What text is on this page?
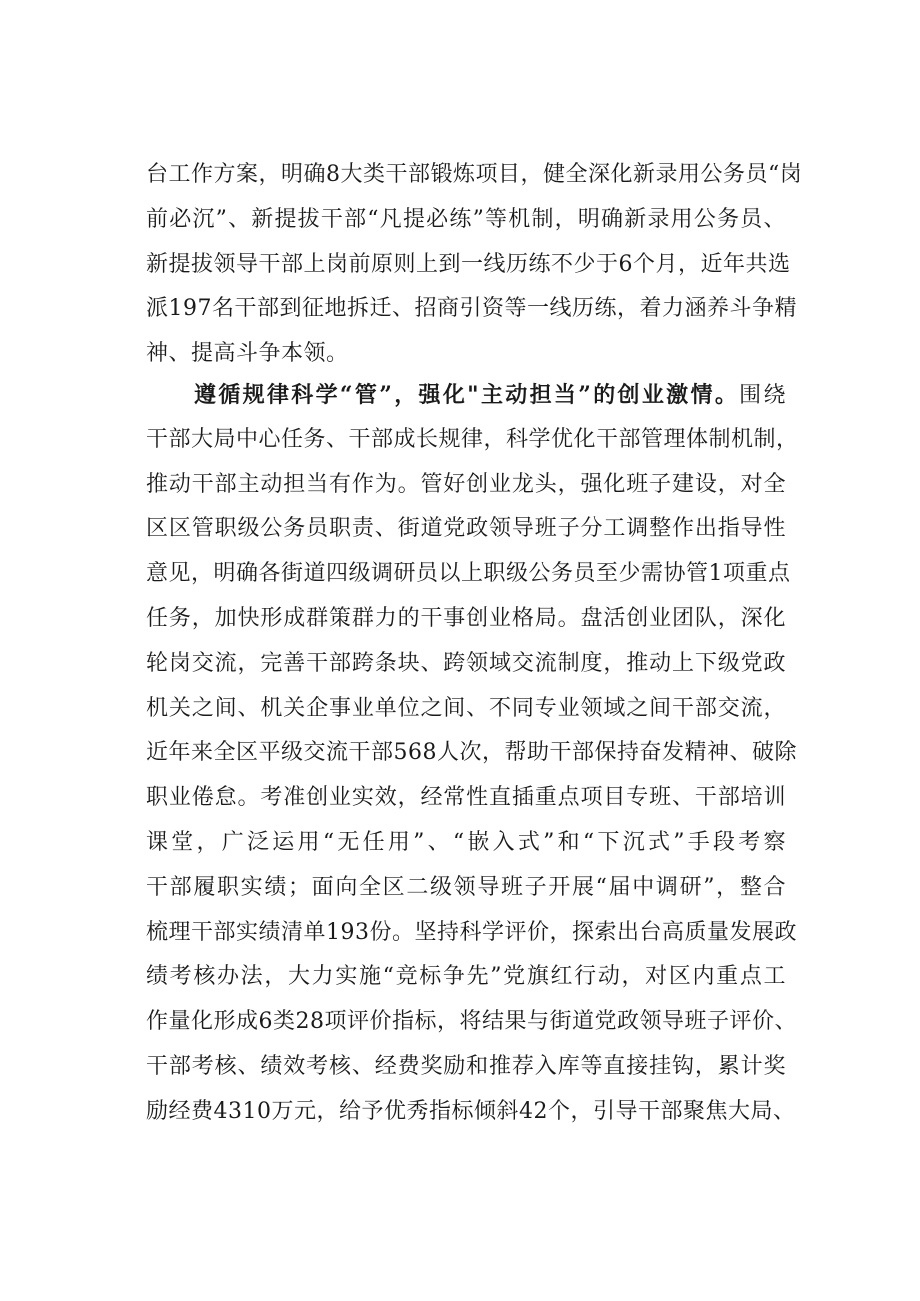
台工作方案，明确8大类干部锻炼项目，健全深化新录用公务员“岗
前必沉”、新提拔干部“凡提必练”等机制，明确新录用公务员、
新提拔领导干部上岗前原则上到一线历练不少于6个月，近年共选
派197名干部到征地拆迁、招商引资等一线历练，着力涵养斗争精
神、提高斗争本领。
遵循规律科学“管”，强化"主动担当”的创业激情。围绕
干部大局中心任务、干部成长规律，科学优化干部管理体制机制，
推动干部主动担当有作为。管好创业龙头，强化班子建设，对全
区区管职级公务员职责、街道党政领导班子分工调整作出指导性
意见，明确各街道四级调研员以上职级公务员至少需协管1项重点
任务，加快形成群策群力的干事创业格局。盘活创业团队，深化
轮岗交流，完善干部跨条块、跨领域交流制度，推动上下级党政
机关之间、机关企事业单位之间、不同专业领域之间干部交流，
近年来全区平级交流干部568人次，帮助干部保持奋发精神、破除
职业倦怠。考准创业实效，经常性直插重点项目专班、干部培训
课堂，广泛运用“无任用”、“嵌入式”和“下沉式”手段考察
干部履职实绩；面向全区二级领导班子开展“届中调研”，整合
梳理干部实绩清单193份。坚持科学评价，探索出台高质量发展政
绩考核办法，大力实施“竞标争先”党旗红行动，对区内重点工
作量化形成6类28项评价指标，将结果与街道党政领导班子评价、
干部考核、绩效考核、经费奖励和推荐入库等直接挂钩，累计奖
励经费4310万元，给予优秀指标倾斜42个，引导干部聚焦大局、
